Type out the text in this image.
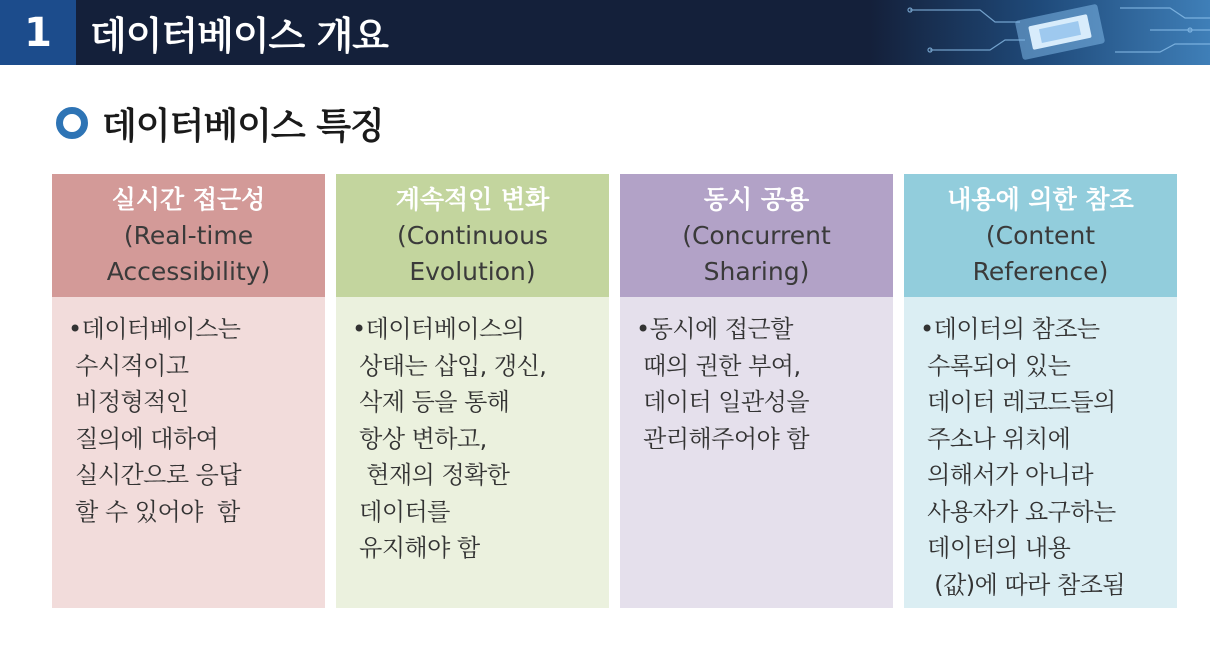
1	데이터베이스 개요
데이터베이스 특징
실시간 접근성
(Real-time
Accessibility)
•데이터베이스는
수시적이고
비정형적인
질의에 대하여
실시간으로 응답
할 수 있어야  함
계속적인 변화
(Continuous
Evolution)
•데이터베이스의
상태는 삽입, 갱신,
삭제 등을 통해
항상 변하고,
현재의 정확한
데이터를
유지해야 함
동시 공용
(Concurrent
Sharing)
•동시에 접근할
때의 권한 부여,
데이터 일관성을
관리해주어야 함
내용에 의한 참조
(Content
Reference)
•데이터의 참조는
수록되어 있는
데이터 레코드들의
주소나 위치에
의해서가 아니라
사용자가 요구하는
데이터의 내용
(값)에 따라 참조됨
